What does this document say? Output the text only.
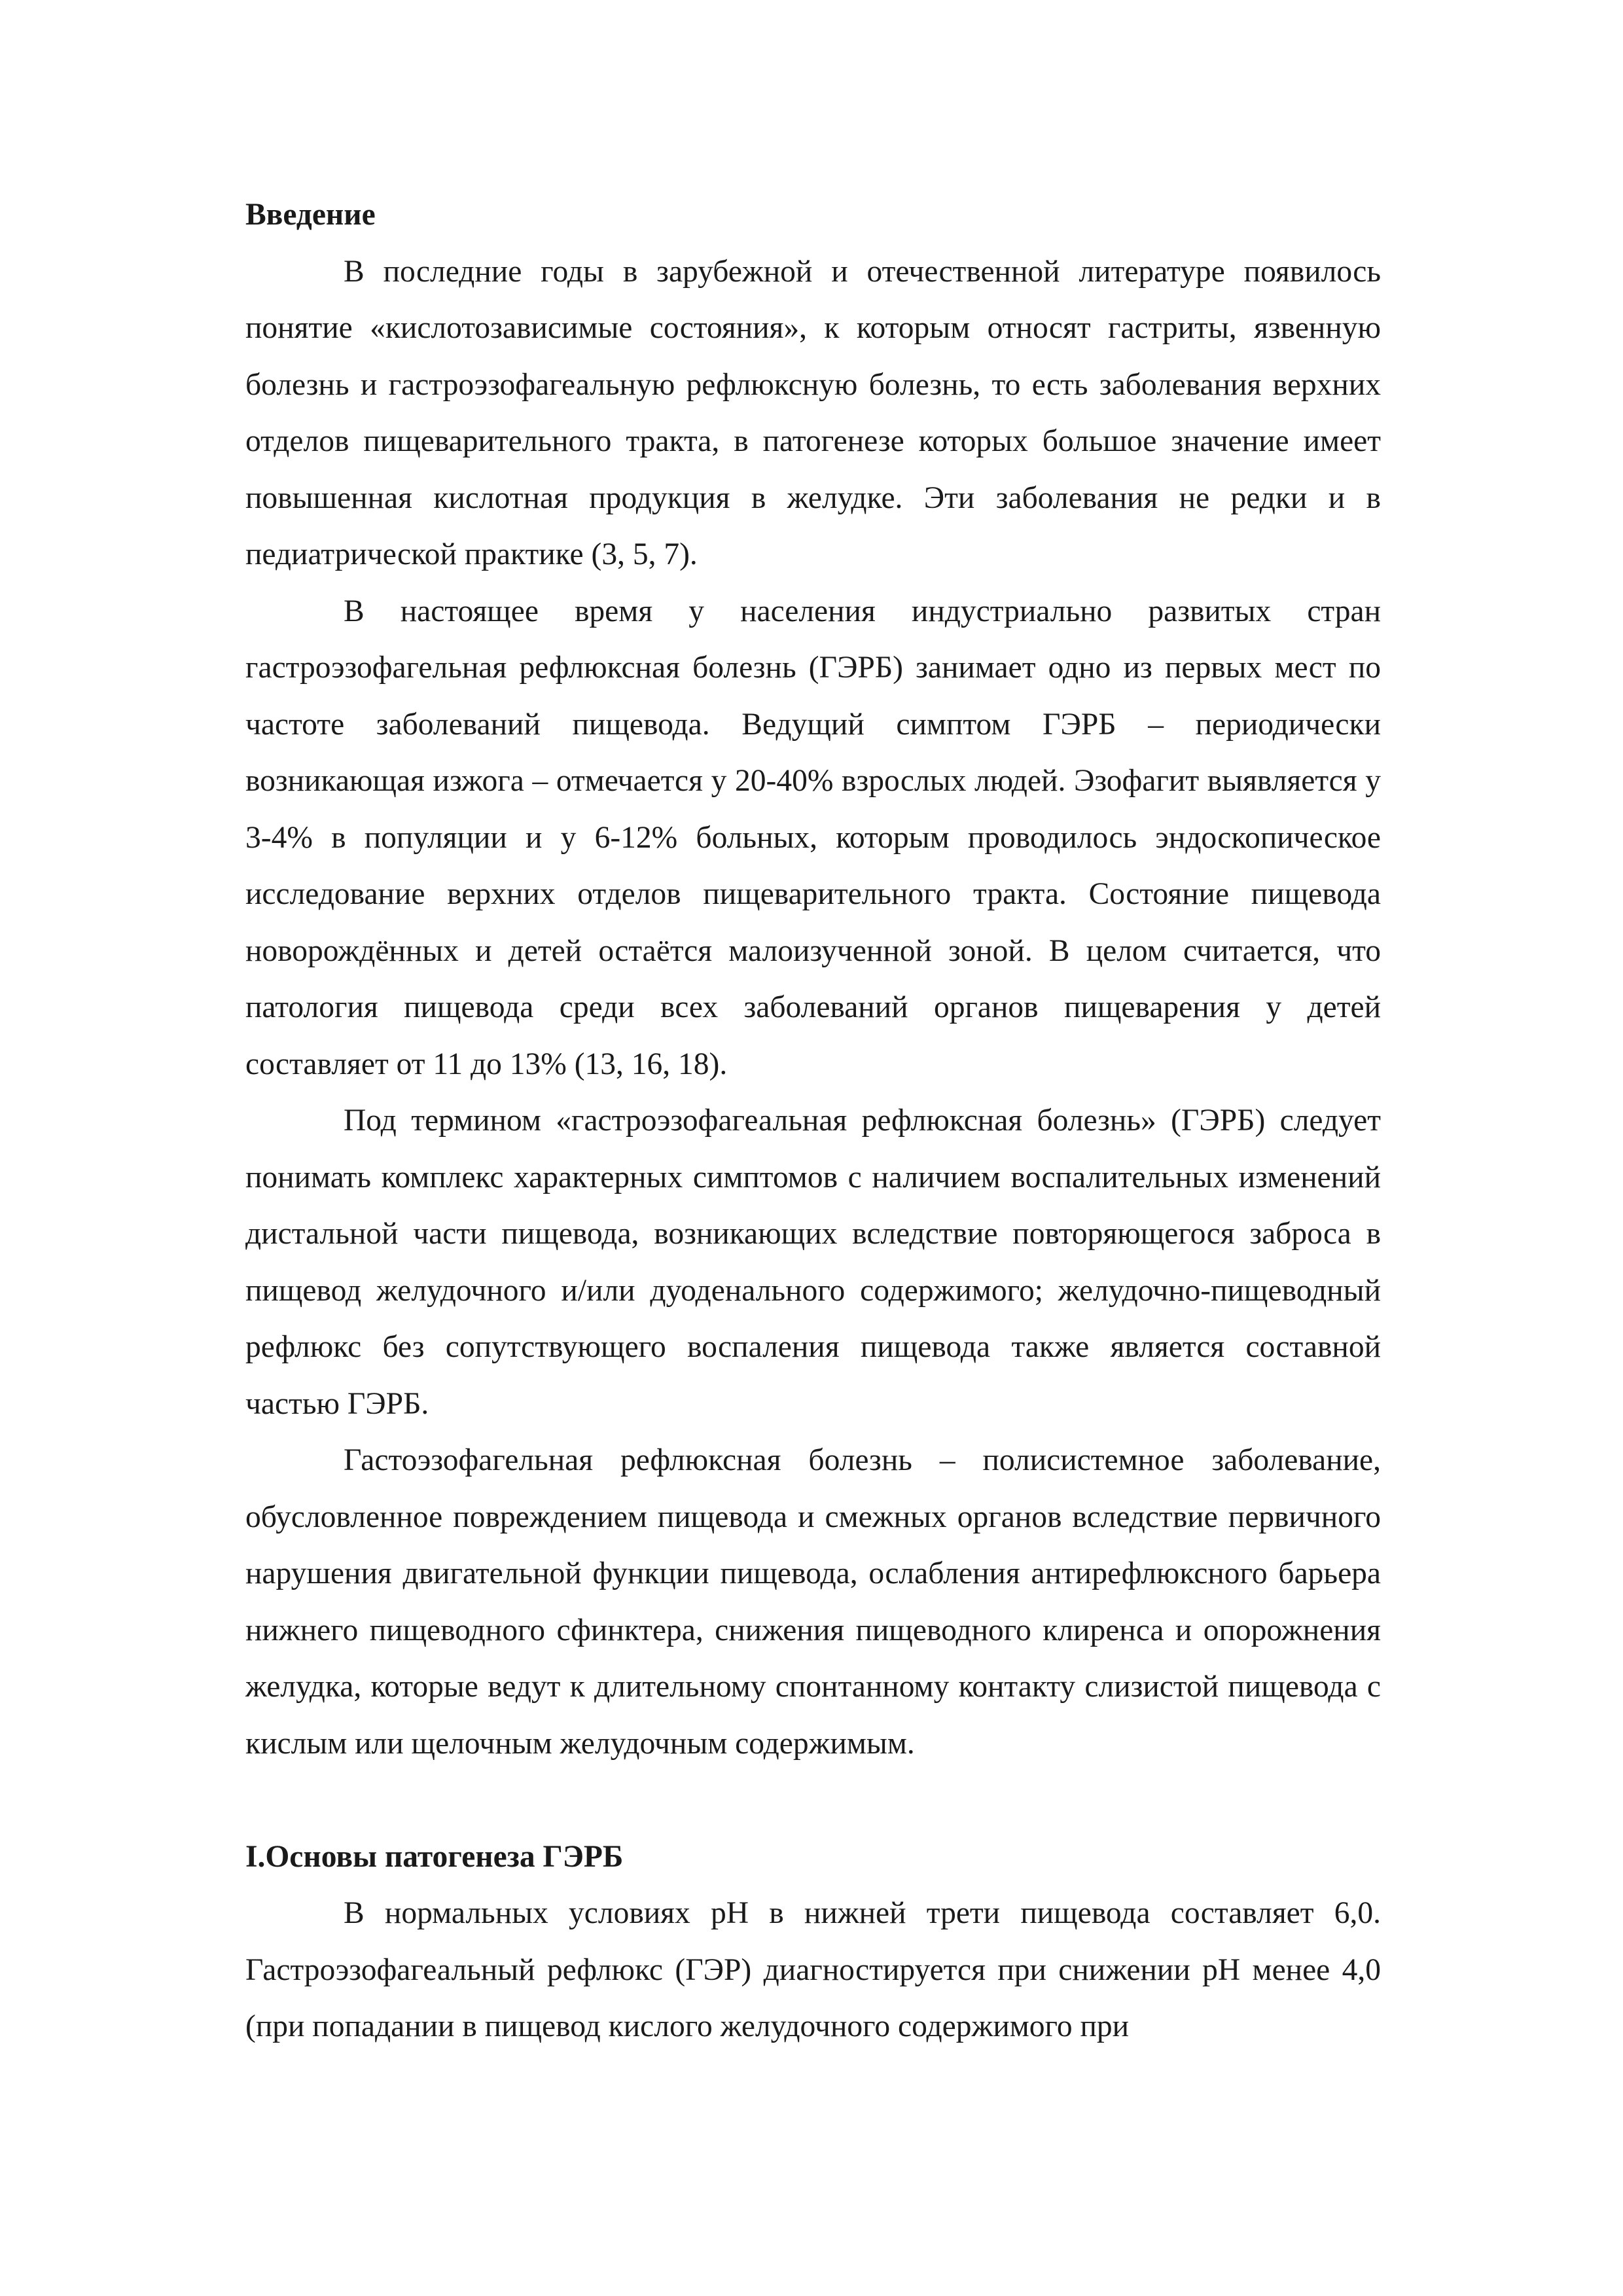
Введение

В последние годы в зарубежной и отечественной литературе появилось понятие «кислотозависимые состояния», к которым относят гастриты, язвенную болезнь и гастроэзофагеальную рефлюксную болезнь, то есть заболевания верхних отделов пищеварительного тракта, в патогенезе которых большое значение имеет повышенная кислотная продукция в желудке. Эти заболевания не редки и в педиатрической практике (3, 5, 7).

В настоящее время у населения индустриально развитых стран гастроэзофагельная рефлюксная болезнь (ГЭРБ) занимает одно из первых мест по частоте заболеваний пищевода. Ведущий симптом ГЭРБ – периодически возникающая изжога – отмечается у 20-40% взрослых людей. Эзофагит выявляется у 3-4% в популяции и у 6-12% больных, которым проводилось эндоскопическое исследование верхних отделов пищеварительного тракта. Состояние пищевода новорождённых и детей остаётся малоизученной зоной. В целом считается, что патология пищевода среди всех заболеваний органов пищеварения у детей составляет от 11 до 13% (13, 16, 18).

Под термином «гастроэзофагеальная рефлюксная болезнь» (ГЭРБ) следует понимать комплекс характерных симптомов с наличием воспалительных изменений дистальной части пищевода, возникающих вследствие повторяющегося заброса в пищевод желудочного и/или дуоденального содержимого; желудочно-пищеводный рефлюкс без сопутствующего воспаления пищевода также является составной частью ГЭРБ.

Гастоэзофагельная рефлюксная болезнь – полисистемное заболевание, обусловленное повреждением пищевода и смежных органов вследствие первичного нарушения двигательной функции пищевода, ослабления антирефлюксного барьера нижнего пищеводного сфинктера, снижения пищеводного клиренса и опорожнения желудка, которые ведут к длительному спонтанному контакту слизистой пищевода с кислым или щелочным желудочным содержимым.

I.Основы патогенеза ГЭРБ

В нормальных условиях рН в нижней трети пищевода составляет 6,0. Гастроэзофагеальный рефлюкс (ГЭР) диагностируется при снижении рН менее 4,0 (при попадании в пищевод кислого желудочного содержимого при
